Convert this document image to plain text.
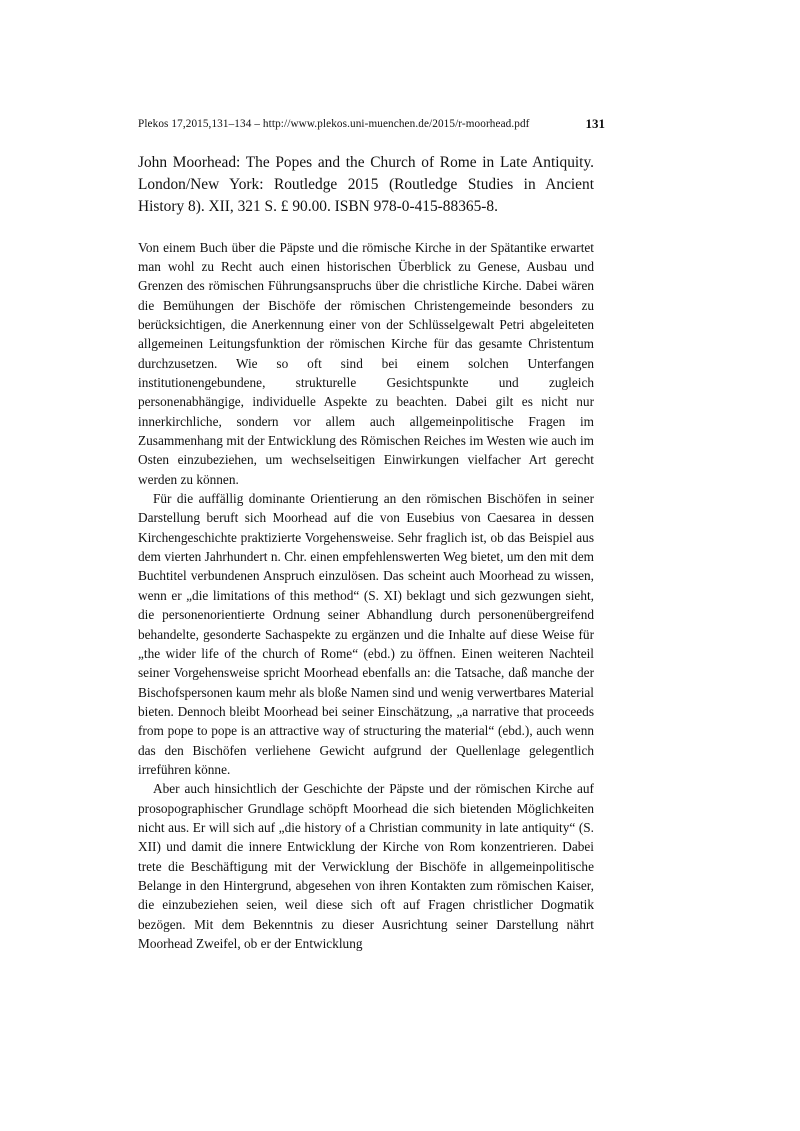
Plekos 17,2015,131–134 – http://www.plekos.uni-muenchen.de/2015/r-moorhead.pdf	131

John Moorhead: The Popes and the Church of Rome in Late Antiquity. London/New York: Routledge 2015 (Routledge Studies in Ancient History 8). XII, 321 S. £ 90.00. ISBN 978-0-415-88365-8.

Von einem Buch über die Päpste und die römische Kirche in der Spätantike erwartet man wohl zu Recht auch einen historischen Überblick zu Genese, Ausbau und Grenzen des römischen Führungsanspruchs über die christliche Kirche. Dabei wären die Bemühungen der Bischöfe der römischen Christengemeinde besonders zu berücksichtigen, die Anerkennung einer von der Schlüsselgewalt Petri abgeleiteten allgemeinen Leitungsfunktion der römischen Kirche für das gesamte Christentum durchzusetzen. Wie so oft sind bei einem solchen Unterfangen institutionengebundene, strukturelle Gesichtspunkte und zugleich personenabhängige, individuelle Aspekte zu beachten. Dabei gilt es nicht nur innerkirchliche, sondern vor allem auch allgemeinpolitische Fragen im Zusammenhang mit der Entwicklung des Römischen Reiches im Westen wie auch im Osten einzubeziehen, um wechselseitigen Einwirkungen vielfacher Art gerecht werden zu können.

Für die auffällig dominante Orientierung an den römischen Bischöfen in seiner Darstellung beruft sich Moorhead auf die von Eusebius von Caesarea in dessen Kirchengeschichte praktizierte Vorgehensweise. Sehr fraglich ist, ob das Beispiel aus dem vierten Jahrhundert n. Chr. einen empfehlenswerten Weg bietet, um den mit dem Buchtitel verbundenen Anspruch einzulösen. Das scheint auch Moorhead zu wissen, wenn er „die limitations of this method“ (S. XI) beklagt und sich gezwungen sieht, die personenorientierte Ordnung seiner Abhandlung durch personenübergreifend behandelte, gesonderte Sachaspekte zu ergänzen und die Inhalte auf diese Weise für „the wider life of the church of Rome“ (ebd.) zu öffnen. Einen weiteren Nachteil seiner Vorgehensweise spricht Moorhead ebenfalls an: die Tatsache, daß manche der Bischofspersonen kaum mehr als bloße Namen sind und wenig verwertbares Material bieten. Dennoch bleibt Moorhead bei seiner Einschätzung, „a narrative that proceeds from pope to pope is an attractive way of structuring the material“ (ebd.), auch wenn das den Bischöfen verliehene Gewicht aufgrund der Quellenlage gelegentlich irreführen könne.

Aber auch hinsichtlich der Geschichte der Päpste und der römischen Kirche auf prosopographischer Grundlage schöpft Moorhead die sich bietenden Möglichkeiten nicht aus. Er will sich auf „die history of a Christian community in late antiquity“ (S. XII) und damit die innere Entwicklung der Kirche von Rom konzentrieren. Dabei trete die Beschäftigung mit der Verwicklung der Bischöfe in allgemeinpolitische Belange in den Hintergrund, abgesehen von ihren Kontakten zum römischen Kaiser, die einzubeziehen seien, weil diese sich oft auf Fragen christlicher Dogmatik bezögen. Mit dem Bekenntnis zu dieser Ausrichtung seiner Darstellung nährt Moorhead Zweifel, ob er der Entwicklung
